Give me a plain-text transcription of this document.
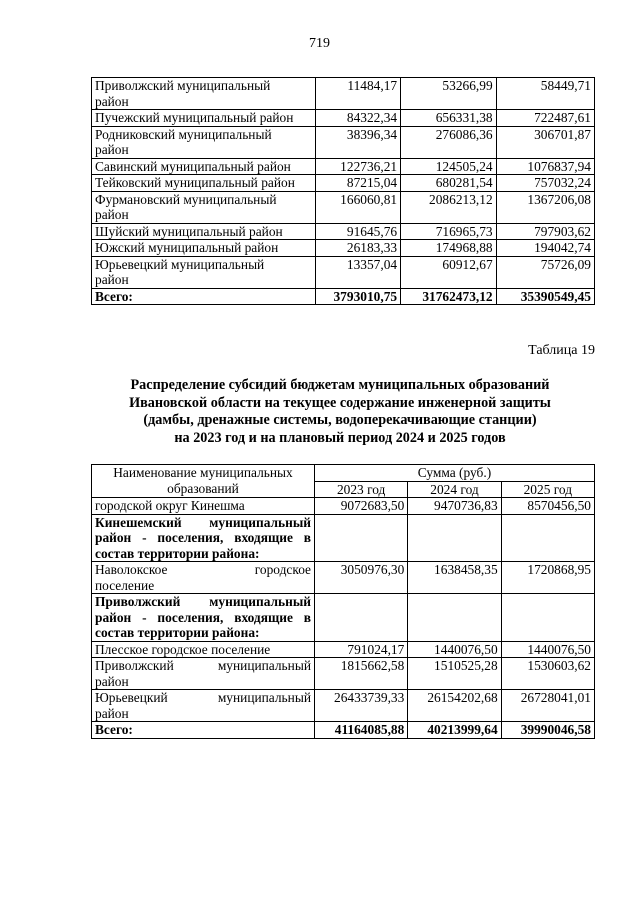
719
Приволжский муниципальный
район	11484,17	53266,99	58449,71
Пучежский муниципальный район	84322,34	656331,38	722487,61
Родниковский муниципальный
район	38396,34	276086,36	306701,87
Савинский муниципальный район	122736,21	124505,24	1076837,94
Тейковский муниципальный район	87215,04	680281,54	757032,24
Фурмановский муниципальный
район	166060,81	2086213,12	1367206,08
Шуйский муниципальный район	91645,76	716965,73	797903,62
Южский муниципальный район	26183,33	174968,88	194042,74
Юрьевецкий муниципальный
район	13357,04	60912,67	75726,09
Всего:	3793010,75	31762473,12	35390549,45
Таблица 19
Распределение субсидий бюджетам муниципальных образований
Ивановской области на текущее содержание инженерной защиты
(дамбы, дренажные системы, водоперекачивающие станции)
на 2023 год и на плановый период 2024 и 2025 годов
Наименование муниципальных
образований	Сумма (руб.)		
	2023 год	2024 год	2025 год
городской округ Кинешма	9072683,50	9470736,83	8570456,50

Кинешемский муниципальный
район - поселения, входящие в
состав территории района:			

Наволокское городское
поселение	3050976,30	1638458,35	1720868,95

Приволжский муниципальный
район - поселения, входящие в
состав территории района:			

Плесское городское поселение	791024,17	1440076,50	1440076,50

Приволжский муниципальный
район	1815662,58	1510525,28	1530603,62

Юрьевецкий муниципальный
район	26433739,33	26154202,68	26728041,01
Всего:	41164085,88	40213999,64	39990046,58
